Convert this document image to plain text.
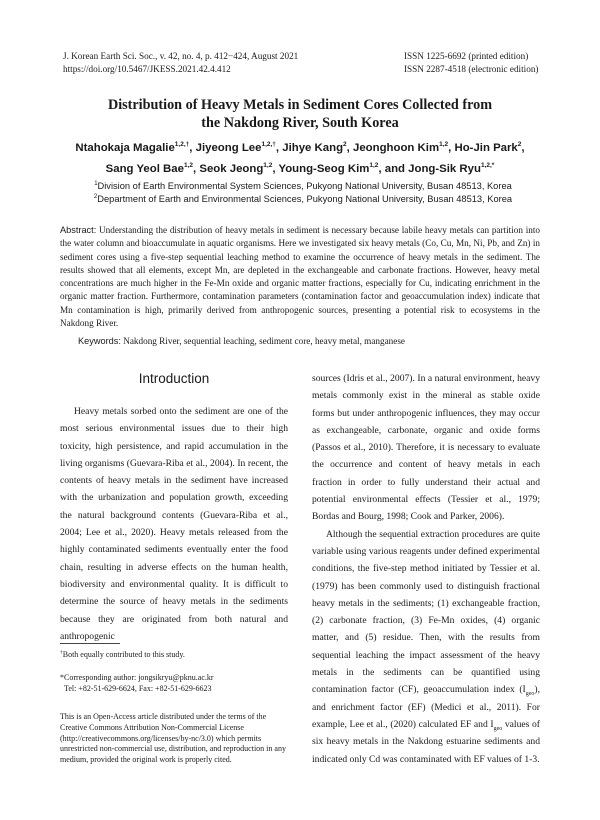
J. Korean Earth Sci. Soc., v. 42, no. 4, p. 412−424, August 2021
https://doi.org/10.5467/JKESS.2021.42.4.412
ISSN 1225-6692 (printed edition)
ISSN 2287-4518 (electronic edition)
Distribution of Heavy Metals in Sediment Cores Collected from
the Nakdong River, South Korea
Ntahokaja Magalie$^{1,2,\dagger}$, Jiyeong Lee$^{1,2,\dagger}$, Jihye Kang$^2$, Jeonghoon Kim$^{1,2}$, Ho-Jin Park$^2$,
Sang Yeol Bae$^{1,2}$, Seok Jeong$^{1,2}$, Young-Seog Kim$^{1,2}$, and Jong-Sik Ryu$^{1,2,*}$
$^1$Division of Earth Environmental System Sciences, Pukyong National University, Busan 48513, Korea
$^2$Department of Earth and Environmental Sciences, Pukyong National University, Busan 48513, Korea
Abstract: Understanding the distribution of heavy metals in sediment is necessary because labile heavy metals can partition into the water column and bioaccumulate in aquatic organisms. Here we investigated six heavy metals (Co, Cu, Mn, Ni, Pb, and Zn) in sediment cores using a five-step sequential leaching method to examine the occurrence of heavy metals in the sediment. The results showed that all elements, except Mn, are depleted in the exchangeable and carbonate fractions. However, heavy metal concentrations are much higher in the Fe-Mn oxide and organic matter fractions, especially for Cu, indicating enrichment in the organic matter fraction. Furthermore, contamination parameters (contamination factor and geoaccumulation index) indicate that Mn contamination is high, primarily derived from anthropogenic sources, presenting a potential risk to ecosystems in the Nakdong River.
Keywords: Nakdong River, sequential leaching, sediment core, heavy metal, manganese
Introduction

Heavy metals sorbed onto the sediment are one of the most serious environmental issues due to their high toxicity, high persistence, and rapid accumulation in the living organisms (Guevara-Riba et al., 2004). In recent, the contents of heavy metals in the sediment have increased with the urbanization and population growth, exceeding the natural background contents (Guevara-Riba et al., 2004; Lee et al., 2020). Heavy metals released from the highly contaminated sediments eventually enter the food chain, resulting in adverse effects on the human health, biodiversity and environmental quality. It is difficult to determine the source of heavy metals in the sediments because they are originated from both natural and anthropogenic

sources (Idris et al., 2007). In a natural environment, heavy metals commonly exist in the mineral as stable oxide forms but under anthropogenic influences, they may occur as exchangeable, carbonate, organic and oxide forms (Passos et al., 2010). Therefore, it is necessary to evaluate the occurrence and content of heavy metals in each fraction in order to fully understand their actual and potential environmental effects (Tessier et al., 1979; Bordas and Bourg, 1998; Cook and Parker, 2006).

Although the sequential extraction procedures are quite variable using various reagents under defined experimental conditions, the five-step method initiated by Tessier et al.(1979) has been commonly used to distinguish fractional heavy metals in the sediments; (1) exchangeable fraction, (2) carbonate fraction, (3) Fe-Mn oxides, (4) organic matter, and (5) residue. Then, with the results from sequential leaching the impact assessment of the heavy metals in the sediments can be quantified using contamination factor (CF), geoaccumulation index $(I_{geo})$, and enrichment factor (EF) (Medici et al., 2011). For example, Lee et al., (2020) calculated EF and $I_{geo}$ values of six heavy metals in the Nakdong estuarine sediments and indicated only Cd was contaminated with EF values of 1-3.

†Both equally contributed to this study.
*Corresponding author: jongsikryu@pknu.ac.kr
Tel: +82-51-629-6624, Fax: +82-51-629-6623
This is an Open-Access article distributed under the terms of the Creative Commons Attribution Non-Commercial License (http://creativecommons.org/licenses/by-nc/3.0) which permits unrestricted non-commercial use, distribution, and reproduction in any medium, provided the original work is properly cited.
